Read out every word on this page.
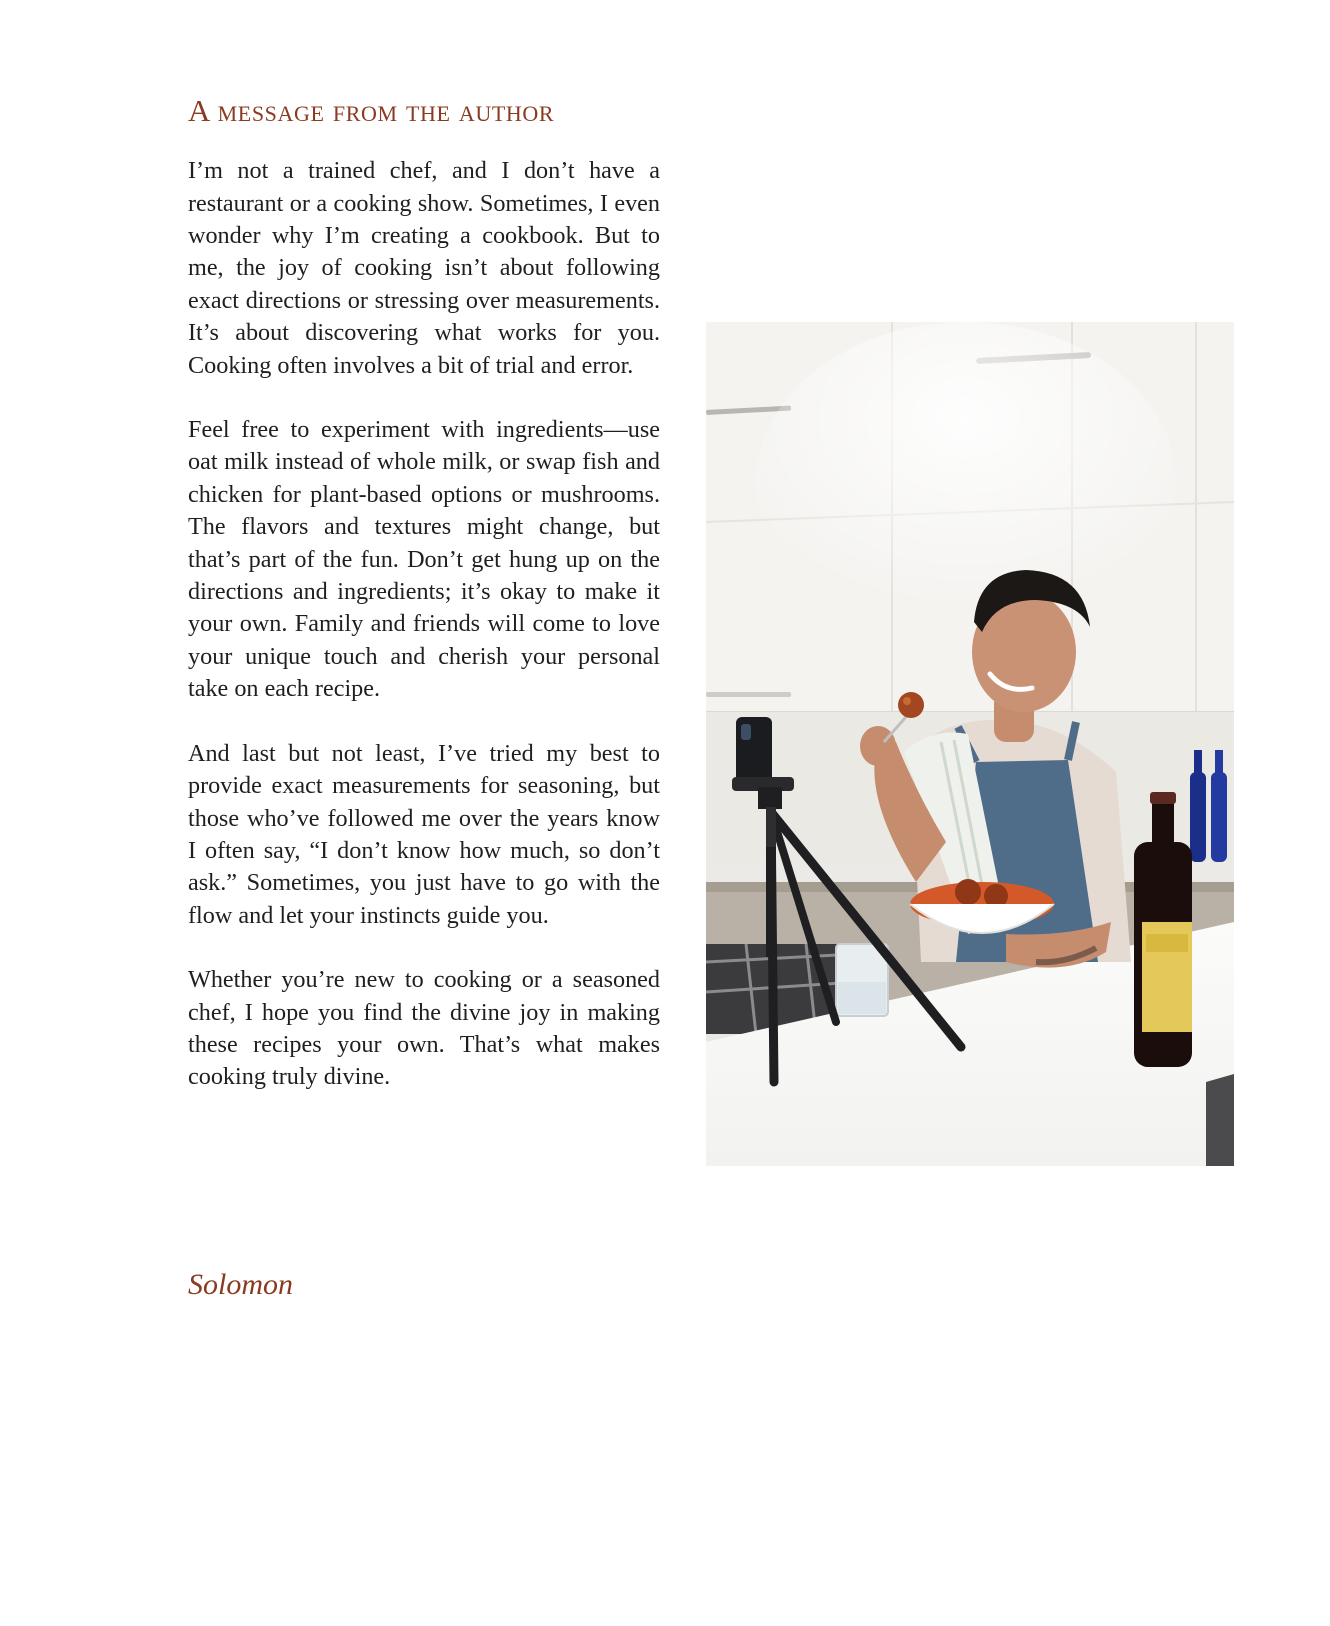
A message from the author

I’m not a trained chef, and I don’t have a restaurant or a cooking show. Sometimes, I even wonder why I’m creating a cookbook. But to me, the joy of cooking isn’t about following exact directions or stressing over measurements. It’s about discovering what works for you. Cooking often involves a bit of trial and error.

Feel free to experiment with ingredients—use oat milk instead of whole milk, or swap fish and chicken for plant-based options or mushrooms. The flavors and textures might change, but that’s part of the fun. Don’t get hung up on the directions and ingredients; it’s okay to make it your own. Family and friends will come to love your unique touch and cherish your personal take on each recipe.

And last but not least, I’ve tried my best to provide exact measurements for seasoning, but those who’ve followed me over the years know I often say, “I don’t know how much, so don’t ask.” Sometimes, you just have to go with the flow and let your instincts guide you.

Whether you’re new to cooking or a seasoned chef, I hope you find the divine joy in making these recipes your own. That’s what makes cooking truly divine.

Solomon
